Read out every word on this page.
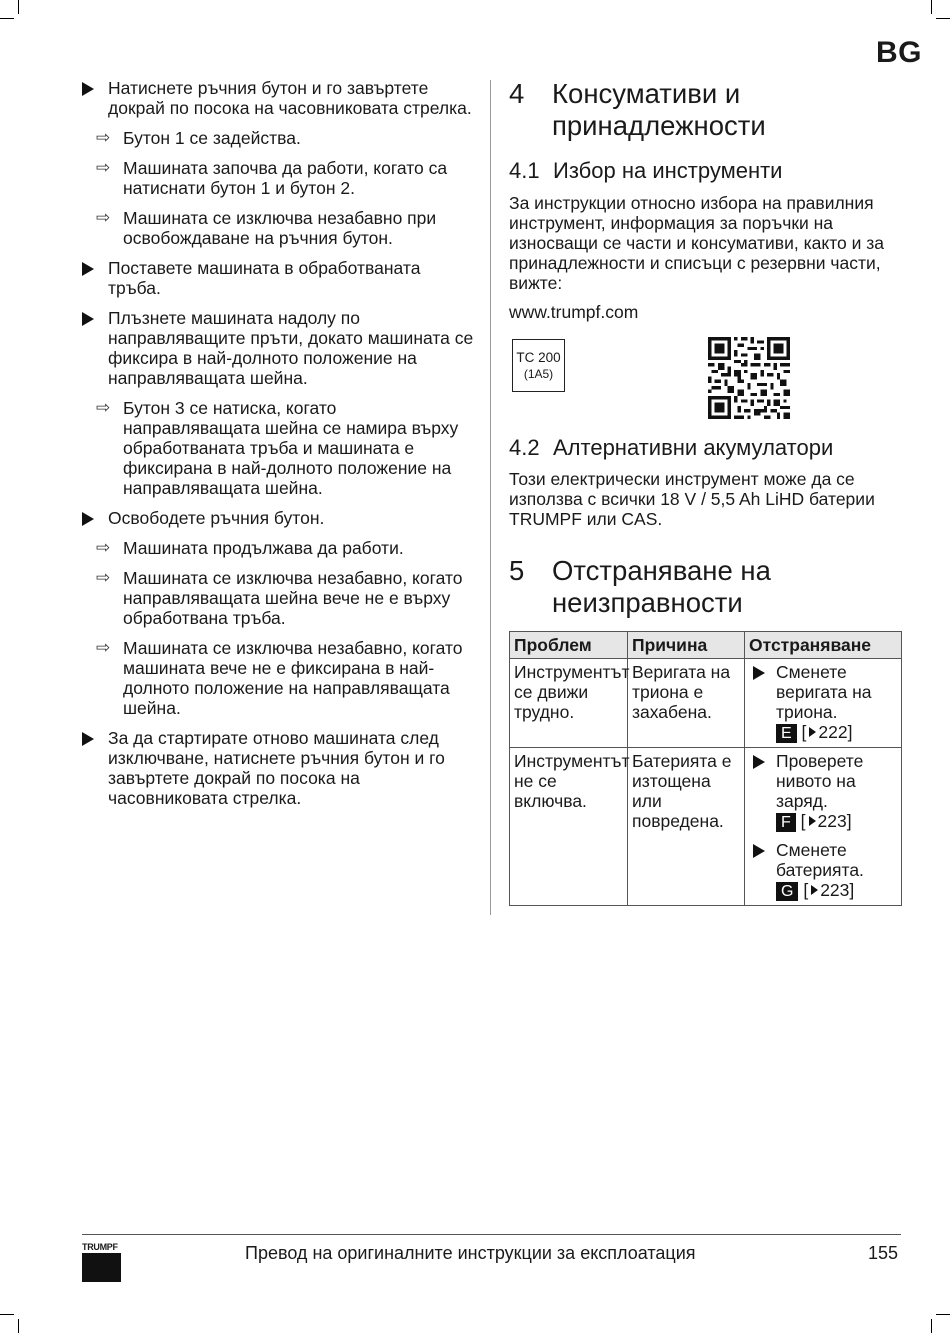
BG
Натиснете ръчния бутон и го завъртете докрай по посока на часовниковата стрелка.
⇨ Бутон 1 се задейства.
⇨ Машината започва да работи, когато са натиснати бутон 1 и бутон 2.
⇨ Машината се изключва незабавно при освобождаване на ръчния бутон.
Поставете машината в обработваната тръба.
Плъзнете машината надолу по направляващите пръти, докато машината се фиксира в най-долното положение на направляващата шейна.
⇨ Бутон 3 се натиска, когато направляващата шейна се намира върху обработваната тръба и машината е фиксирана в най-долното положение на направляващата шейна.
Освободете ръчния бутон.
⇨ Машината продължава да работи.
⇨ Машината се изключва незабавно, когато направляващата шейна вече не е върху обработвана тръба.
⇨ Машината се изключва незабавно, когато машината вече не е фиксирана в най-долното положение на направляващата шейна.
За да стартирате отново машината след изключване, натиснете ръчния бутон и го завъртете докрай по посока на часовниковата стрелка.
4 Консумативи и принадлежности
4.1 Избор на инструменти

За инструкции относно избора на правилния инструмент, информация за поръчки на износващи се части и консумативи, както и за принадлежности и списъци с резервни части, вижте:

www.trumpf.com

TC 200
(1A5)
4.2 Алтернативни акумулатори

Този електрически инструмент може да се използва с всички 18 V / 5,5 Ah LiHD батерии TRUMPF или CAS.

5 Отстраняване на неизправности
Проблем	Причина	Отстраняване
Инструментът се движи трудно.	Веригата на триона е захабена.	Сменете веригата на триона.
E [ 222]

Инструментът не се включва.	Батерията е изтощена или повредена.	Проверете нивото на заряд.
F [ 223]
Сменете батерията.
G [ 223]
TRUMPF	Превод на оригиналните инструкции за експлоатация	155
